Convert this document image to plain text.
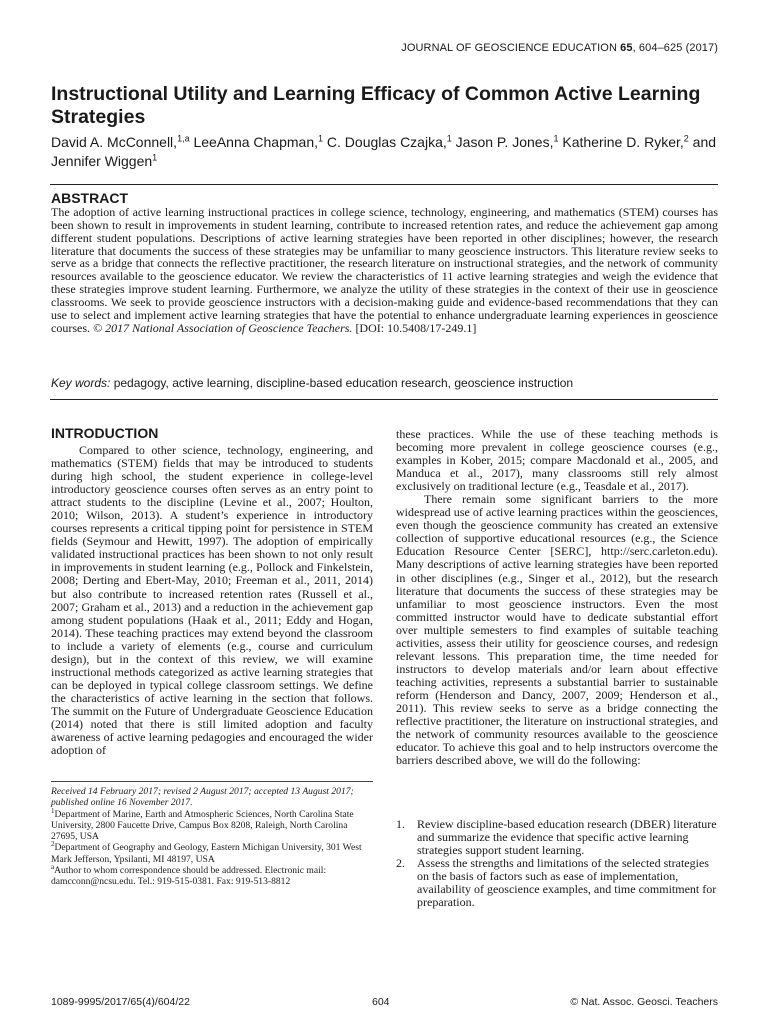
JOURNAL OF GEOSCIENCE EDUCATION 65, 604–625 (2017)
Instructional Utility and Learning Efficacy of Common Active Learning Strategies

David A. McConnell,$^{1,a}$ LeeAnna Chapman,$^1$ C. Douglas Czajka,$^1$ Jason P. Jones,$^1$ Katherine D. Ryker,$^2$ and Jennifer Wiggen$^1$

ABSTRACT

The adoption of active learning instructional practices in college science, technology, engineering, and mathematics (STEM) courses has been shown to result in improvements in student learning, contribute to increased retention rates, and reduce the achievement gap among different student populations. Descriptions of active learning strategies have been reported in other disciplines; however, the research literature that documents the success of these strategies may be unfamiliar to many geoscience instructors. This literature review seeks to serve as a bridge that connects the reflective practitioner, the research literature on instructional strategies, and the network of community resources available to the geoscience educator. We review the characteristics of 11 active learning strategies and weigh the evidence that these strategies improve student learning. Furthermore, we analyze the utility of these strategies in the context of their use in geoscience classrooms. We seek to provide geoscience instructors with a decision-making guide and evidence-based recommendations that they can use to select and implement active learning strategies that have the potential to enhance undergraduate learning experiences in geoscience courses. © 2017 National Association of Geoscience Teachers. [DOI: 10.5408/17-249.1]

Key words: pedagogy, active learning, discipline-based education research, geoscience instruction

INTRODUCTION

Compared to other science, technology, engineering, and mathematics (STEM) fields that may be introduced to students during high school, the student experience in college-level introductory geoscience courses often serves as an entry point to attract students to the discipline (Levine et al., 2007; Houlton, 2010; Wilson, 2013). A student’s experience in introductory courses represents a critical tipping point for persistence in STEM fields (Seymour and Hewitt, 1997). The adoption of empirically validated instructional practices has been shown to not only result in improvements in student learning (e.g., Pollock and Finkelstein, 2008; Derting and Ebert-May, 2010; Freeman et al., 2011, 2014) but also contribute to increased retention rates (Russell et al., 2007; Graham et al., 2013) and a reduction in the achievement gap among student populations (Haak et al., 2011; Eddy and Hogan, 2014). These teaching practices may extend beyond the classroom to include a variety of elements (e.g., course and curriculum design), but in the context of this review, we will examine instructional methods categorized as active learning strategies that can be deployed in typical college classroom settings. We define the characteristics of active learning in the section that follows. The summit on the Future of Undergraduate Geoscience Education (2014) noted that there is still limited adoption and faculty awareness of active learning pedagogies and encouraged the wider adoption of

these practices. While the use of these teaching methods is becoming more prevalent in college geoscience courses (e.g., examples in Kober, 2015; compare Macdonald et al., 2005, and Manduca et al., 2017), many classrooms still rely almost exclusively on traditional lecture (e.g., Teasdale et al., 2017).

There remain some significant barriers to the more widespread use of active learning practices within the geosciences, even though the geoscience community has created an extensive collection of supportive educational resources (e.g., the Science Education Resource Center [SERC], http://serc.carleton.edu). Many descriptions of active learning strategies have been reported in other disciplines (e.g., Singer et al., 2012), but the research literature that documents the success of these strategies may be unfamiliar to most geoscience instructors. Even the most committed instructor would have to dedicate substantial effort over multiple semesters to find examples of suitable teaching activities, assess their utility for geoscience courses, and redesign relevant lessons. This preparation time, the time needed for instructors to develop materials and/or learn about effective teaching activities, represents a substantial barrier to sustainable reform (Henderson and Dancy, 2007, 2009; Henderson et al., 2011). This review seeks to serve as a bridge connecting the reflective practitioner, the literature on instructional strategies, and the network of community resources available to the geoscience educator. To achieve this goal and to help instructors overcome the barriers described above, we will do the following:

Received 14 February 2017; revised 2 August 2017; accepted 13 August 2017; published online 16 November 2017.

$^1$Department of Marine, Earth and Atmospheric Sciences, North Carolina State University, 2800 Faucette Drive, Campus Box 8208, Raleigh, North Carolina 27695, USA

$^2$Department of Geography and Geology, Eastern Michigan University, 301 West Mark Jefferson, Ypsilanti, MI 48197, USA

$^a$Author to whom correspondence should be addressed. Electronic mail: damcconn@ncsu.edu. Tel.: 919-515-0381. Fax: 919-513-8812

1. Review discipline-based education research (DBER) literature and summarize the evidence that specific active learning strategies support student learning.
2. Assess the strengths and limitations of the selected strategies on the basis of factors such as ease of implementation, availability of geoscience examples, and time commitment for preparation.
1089-9995/2017/65(4)/604/22	604	© Nat. Assoc. Geosci. Teachers
